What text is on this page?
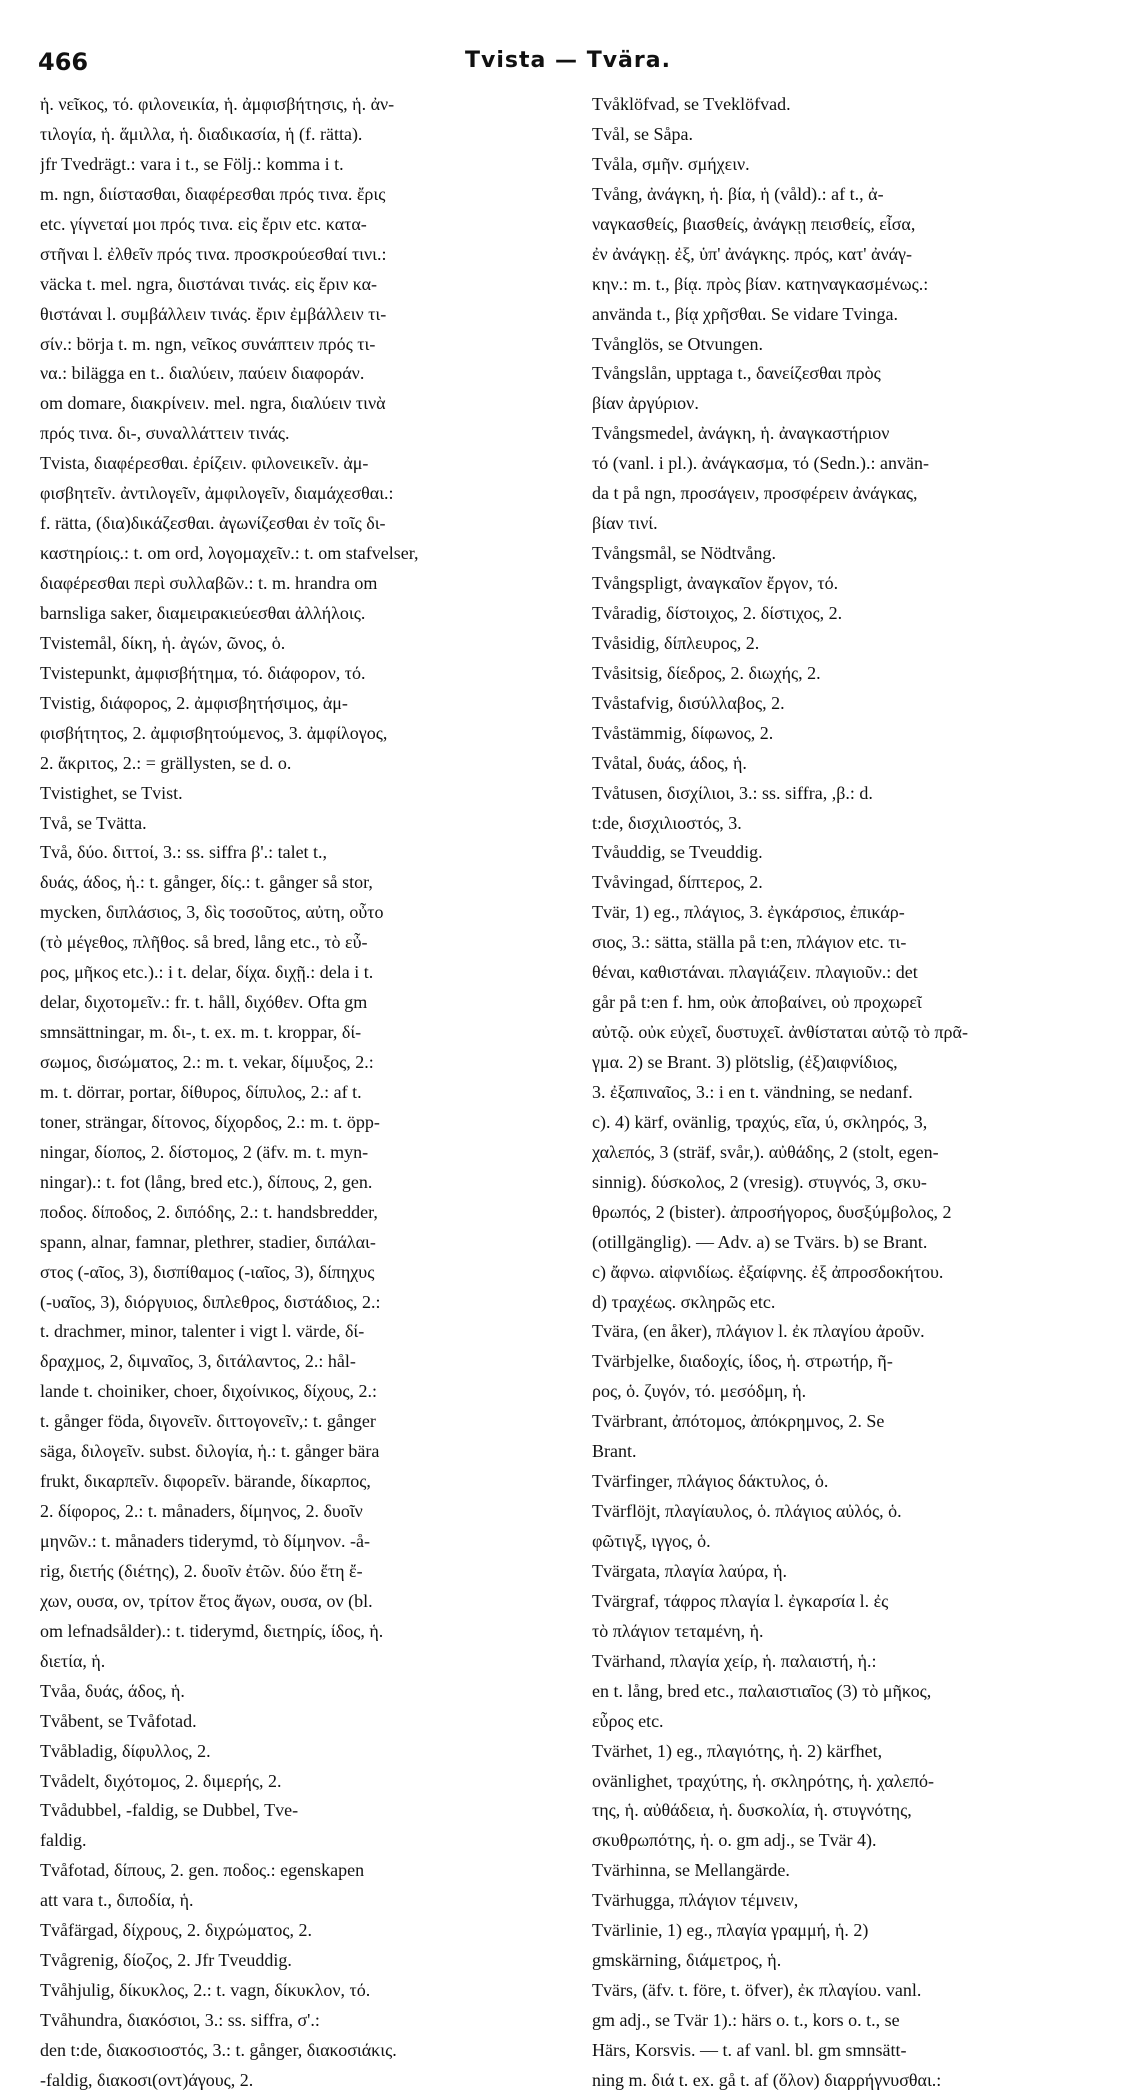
466	Tvista — Tvära.
ἡ. νεῖκος, τό. φιλονεικία, ἡ. ἀμφισβήτησις, ἡ. ἀν-
τιλογία, ἡ. ἅμιλλα, ἡ. διαδικασία, ἡ (f. rätta).
jfr Tvedrägt.: vara i t., se Följ.: komma i t.
m. ngn, διίστασθαι, διαφέρεσθαι πρός τινα. ἔρις
etc. γίγνεταί μοι πρός τινα. εἰς ἔριν etc. κατα-
στῆναι l. ἐλθεῖν πρός τινα. προσκρούεσθαί τινι.:
väcka t. mel. ngra, διιστάναι τινάς. εἰς ἔριν κα-
θιστάναι l. συμβάλλειν τινάς. ἔριν ἐμβάλλειν τι-
σίν.: börja t. m. ngn, νεῖκος συνάπτειν πρός τι-
να.: bilägga en t.. διαλύειν, παύειν διαφοράν.
om domare, διακρίνειν. mel. ngra, διαλύειν τινὰ
πρός τινα. δι-, συναλλάττειν τινάς.
Tvista, διαφέρεσθαι. ἐρίζειν. φιλονεικεῖν. ἀμ-
φισβητεῖν. ἀντιλογεῖν, ἀμφιλογεῖν, διαμάχεσθαι.:
f. rätta, (δια)δικάζεσθαι. ἀγωνίζεσθαι ἐν τοῖς δι-
καστηρίοις.: t. om ord, λογομαχεῖν.: t. om stafvelser,
διαφέρεσθαι περὶ συλλαβῶν.: t. m. hrandra om
barnsliga saker, διαμειρακιεύεσθαι ἀλλήλοις.
Tvistemål, δίκη, ἡ. ἀγών, ῶνος, ὁ.
Tvistepunkt, ἀμφισβήτημα, τό. διάφορον, τό.
Tvistig, διάφορος, 2. ἀμφισβητήσιμος, ἀμ-
φισβήτητος, 2. ἀμφισβητούμενος, 3. ἀμφίλογος,
2. ἄκριτος, 2.: = grällysten, se d. o.
Tvistighet, se Tvist.
Två, se Tvätta.
Två, δύο. διττοί, 3.: ss. siffra β'.: talet t.,
δυάς, άδος, ἡ.: t. gånger, δίς.: t. gånger så stor,
mycken, διπλάσιος, 3, δὶς τοσοῦτος, αὐτη, οὖτο
(τὸ μέγεθος, πλῆθος. så bred, lång etc., τὸ εὖ-
ρος, μῆκος etc.).: i t. delar, δίχα. διχῇ.: dela i t.
delar, διχοτομεῖν.: fr. t. håll, διχόθεν. Ofta gm
smnsättningar, m. δι-, t. ex. m. t. kroppar, δί-
σωμος, δισώματος, 2.: m. t. vekar, δίμυξος, 2.:
m. t. dörrar, portar, δίθυρος, δίπυλος, 2.: af t.
toner, strängar, δίτονος, δίχορδος, 2.: m. t. öpp-
ningar, δίοπος, 2. δίστομος, 2 (äfv. m. t. myn-
ningar).: t. fot (lång, bred etc.), δίπους, 2, gen.
ποδος. δίποδος, 2. διπόδης, 2.: t. handsbredder,
spann, alnar, famnar, plethrer, stadier, διπάλαι-
στος (-αῖος, 3), δισπίθαμος (-ιαῖος, 3), δίπηχυς
(-υαῖος, 3), διόργυιος, διπλεθρος, διστάδιος, 2.:
t. drachmer, minor, talenter i vigt l. värde, δί-
δραχμος, 2, διμναῖος, 3, διτάλαντος, 2.: hål-
lande t. choiniker, choer, διχοίνικος, δίχους, 2.:
t. gånger föda, διγονεῖν. διττογονεῖν,: t. gånger
säga, διλογεῖν. subst. διλογία, ἡ.: t. gånger bära
frukt, δικαρπεῖν. διφορεῖν. bärande, δίκαρπος,
2. δίφορος, 2.: t. månaders, δίμηνος, 2. δυοῖν
μηνῶν.: t. månaders tiderymd, τὸ δίμηνον. -å-
rig, διετής (διέτης), 2. δυοῖν ἐτῶν. δύο ἔτη ἔ-
χων, ουσα, ον, τρίτον ἔτος ἄγων, ουσα, ον (bl.
om lefnadsålder).: t. tiderymd, διετηρίς, ίδος, ἡ.
διετία, ἡ.
Tvåa, δυάς, άδος, ἡ.
Tvåbent, se Tvåfotad.
Tvåbladig, δίφυλλος, 2.
Tvådelt, διχότομος, 2. διμερής, 2.
Tvådubbel, -faldig, se Dubbel, Tve-
faldig.
Tvåfotad, δίπους, 2. gen. ποδος.: egenskapen
att vara t., διποδία, ἡ.
Tvåfärgad, δίχρους, 2. διχρώματος, 2.
Tvågrenig, δίοζος, 2. Jfr Tveuddig.
Tvåhjulig, δίκυκλος, 2.: t. vagn, δίκυκλον, τό.
Tvåhundra, διακόσιοι, 3.: ss. siffra, σ'.:
den t:de, διακοσιοστός, 3.: t. gånger, διακοσιάκις.
-faldig, διακοσι(οντ)άγους, 2.
Tvåklöfvad, se Tveklöfvad.
Tvål, se Såpa.
Tvåla, σμῆν. σμήχειν.
Tvång, ἀνάγκη, ἡ. βία, ἡ (våld).: af t., ἀ-
ναγκασθείς, βιασθείς, ἀνάγκῃ πεισθείς, εἶσα,
ἐν ἀνάγκῃ. ἐξ, ὑπ' ἀνάγκης. πρός, κατ' ἀνάγ-
κην.: m. t., βίᾳ. πρὸς βίαν. κατηναγκασμένως.:
använda t., βίᾳ χρῆσθαι. Se vidare Tvinga.
Tvånglös, se Otvungen.
Tvångslån, upptaga t., δανείζεσθαι πρὸς
βίαν ἀργύριον.
Tvångsmedel, ἀνάγκη, ἡ. ἀναγκαστήριον
τό (vanl. i pl.). ἀνάγκασμα, τό (Sedn.).: använ-
da t på ngn, προσάγειν, προσφέρειν ἀνάγκας,
βίαν τινί.
Tvångsmål, se Nödtvång.
Tvångspligt, ἀναγκαῖον ἔργον, τό.
Tvåradig, δίστοιχος, 2. δίστιχος, 2.
Tvåsidig, δίπλευρος, 2.
Tvåsitsig, δίεδρος, 2. διωχής, 2.
Tvåstafvig, δισύλλαβος, 2.
Tvåstämmig, δίφωνος, 2.
Tvåtal, δυάς, άδος, ἡ.
Tvåtusen, δισχίλιοι, 3.: ss. siffra, ,β.: d.
t:de, δισχιλιοστός, 3.
Tvåuddig, se Tveuddig.
Tvåvingad, δίπτερος, 2.
Tvär, 1) eg., πλάγιος, 3. ἐγκάρσιος, ἐπικάρ-
σιος, 3.: sätta, ställa på t:en, πλάγιον etc. τι-
θέναι, καθιστάναι. πλαγιάζειν. πλαγιοῦν.: det
går på t:en f. hm, οὐκ ἀποβαίνει, οὐ προχωρεῖ
αὐτῷ. οὐκ εὐχεῖ, δυστυχεῖ. ἀνθίσταται αὐτῷ τὸ πρᾶ-
γμα. 2) se Brant. 3) plötslig, (ἐξ)αιφνίδιος,
3. ἐξαπιναῖος, 3.: i en t. vändning, se nedanf.
c). 4) kärf, ovänlig, τραχύς, εῖα, ύ, σκληρός, 3,
χαλεπός, 3 (sträf, svår,). αὐθάδης, 2 (stolt, egen-
sinnig). δύσκολος, 2 (vresig). στυγνός, 3, σκυ-
θρωπός, 2 (bister). ἀπροσήγορος, δυσξύμβολος, 2
(otillgänglig). — Adv. a) se Tvärs. b) se Brant.
c) ἄφνω. αἰφνιδίως. ἐξαίφνης. ἐξ ἀπροσδοκήτου.
d) τραχέως. σκληρῶς etc.
Tvära, (en åker), πλάγιον l. ἐκ πλαγίου ἀροῦν.
Tvärbjelke, διαδοχίς, ίδος, ἡ. στρωτήρ, ῆ-
ρος, ὁ. ζυγόν, τό. μεσόδμη, ἡ.
Tvärbrant, ἀπότομος, ἀπόκρημνος, 2. Se
Brant.
Tvärfinger, πλάγιος δάκτυλος, ὁ.
Tvärflöjt, πλαγίαυλος, ὁ. πλάγιος αὐλός, ὁ.
φῶτιγξ, ιγγος, ὁ.
Tvärgata, πλαγία λαύρα, ἡ.
Tvärgraf, τάφρος πλαγία l. ἐγκαρσία l. ἐς
τὸ πλάγιον τεταμένη, ἡ.
Tvärhand, πλαγία χείρ, ἡ. παλαιστή, ἡ.:
en t. lång, bred etc., παλαιστιαῖος (3) τὸ μῆκος,
εὖρος etc.
Tvärhet, 1) eg., πλαγιότης, ἡ. 2) kärfhet,
ovänlighet, τραχύτης, ἡ. σκληρότης, ἡ. χαλεπό-
της, ἡ. αὐθάδεια, ἡ. δυσκολία, ἡ. στυγνότης,
σκυθρωπότης, ἡ. o. gm adj., se Tvär 4).
Tvärhinna, se Mellangärde.
Tvärhugga, πλάγιον τέμνειν,
Tvärlinie, 1) eg., πλαγία γραμμή, ἡ. 2)
gmskärning, διάμετρος, ἡ.
Tvärs, (äfv. t. före, t. öfver), ἐκ πλαγίου. vanl.
gm adj., se Tvär 1).: härs o. t., kors o. t., se
Härs, Korsvis. — t. af vanl. bl. gm smnsätt-
ning m. διά t. ex. gå t. af (ὅλον) διαρρήγνυσθαι.:
